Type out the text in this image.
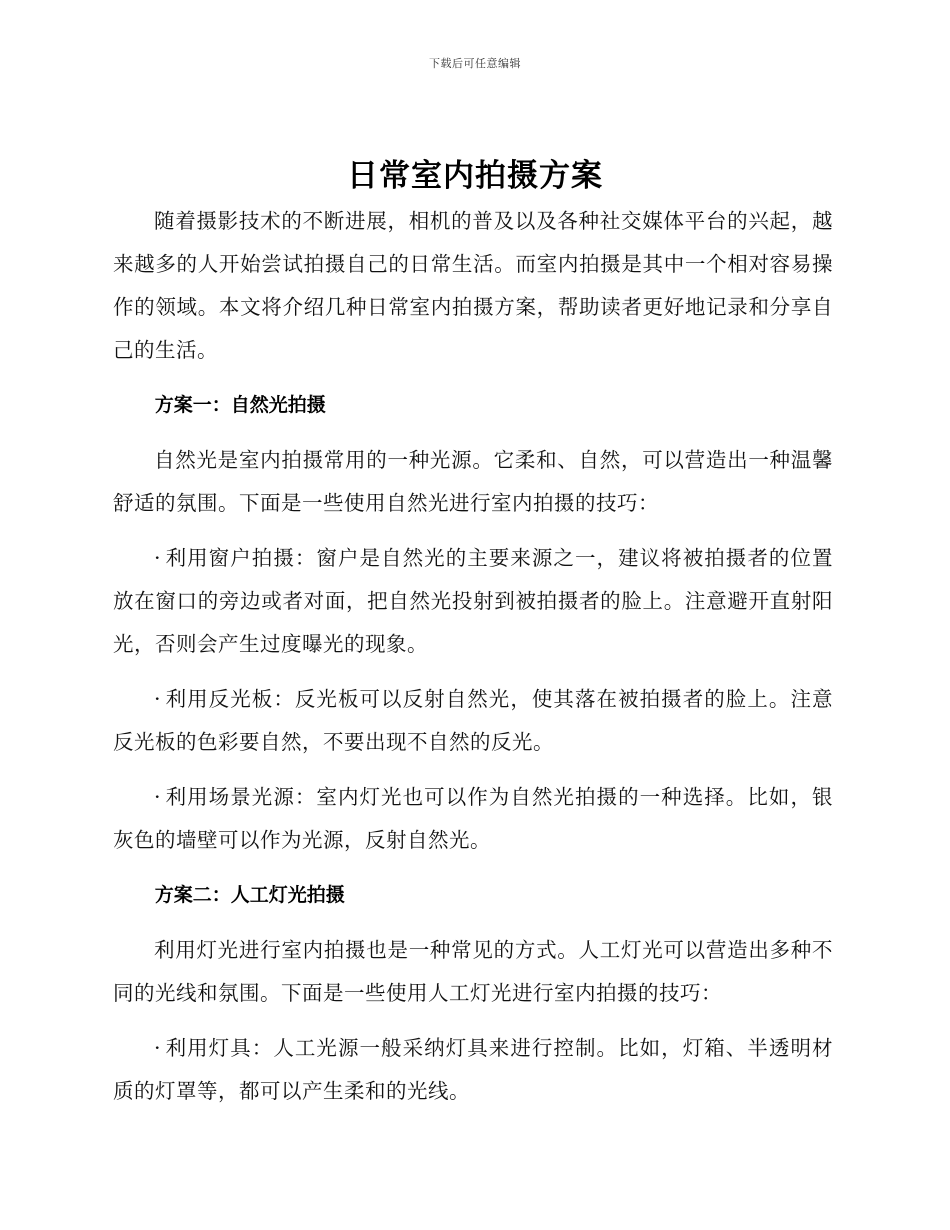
下载后可任意编辑
日常室内拍摄方案

随着摄影技术的不断进展，相机的普及以及各种社交媒体平台的兴起，越来越多的人开始尝试拍摄自己的日常生活。而室内拍摄是其中一个相对容易操作的领域。本文将介绍几种日常室内拍摄方案，帮助读者更好地记录和分享自己的生活。

方案一：自然光拍摄

自然光是室内拍摄常用的一种光源。它柔和、自然，可以营造出一种温馨舒适的氛围。下面是一些使用自然光进行室内拍摄的技巧：

· 利用窗户拍摄：窗户是自然光的主要来源之一，建议将被拍摄者的位置放在窗口的旁边或者对面，把自然光投射到被拍摄者的脸上。注意避开直射阳光，否则会产生过度曝光的现象。

· 利用反光板：反光板可以反射自然光，使其落在被拍摄者的脸上。注意反光板的色彩要自然，不要出现不自然的反光。

· 利用场景光源：室内灯光也可以作为自然光拍摄的一种选择。比如，银灰色的墙壁可以作为光源，反射自然光。

方案二：人工灯光拍摄

利用灯光进行室内拍摄也是一种常见的方式。人工灯光可以营造出多种不同的光线和氛围。下面是一些使用人工灯光进行室内拍摄的技巧：

· 利用灯具：人工光源一般采纳灯具来进行控制。比如，灯箱、半透明材质的灯罩等，都可以产生柔和的光线。
